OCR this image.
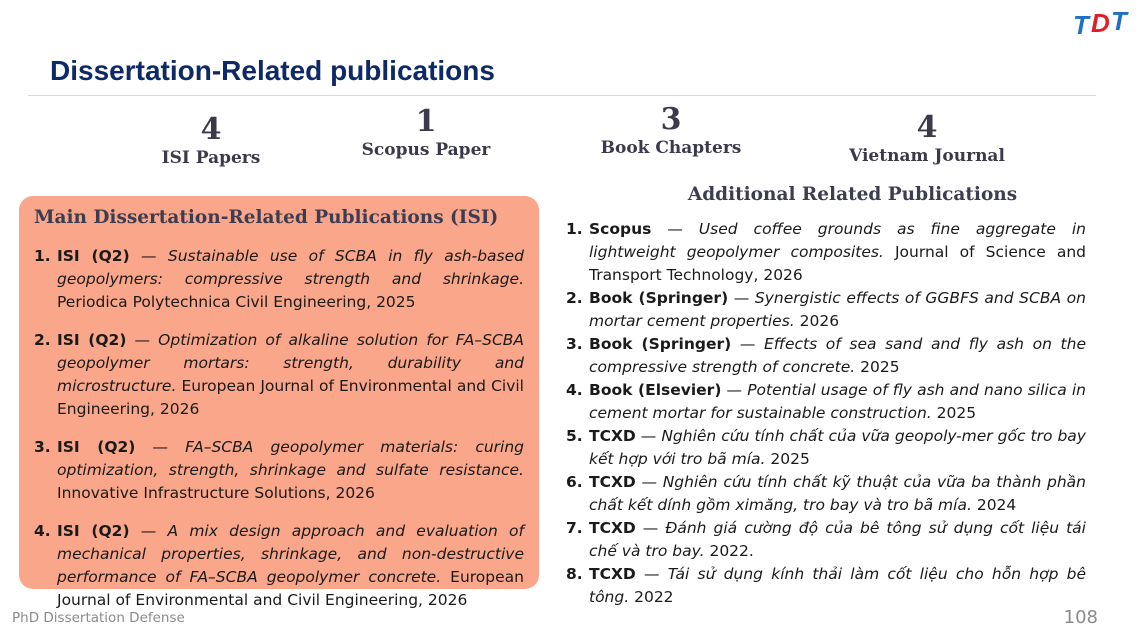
T D T
Dissertation-Related publications
4
ISI Papers
1
Scopus Paper
3
Book Chapters
4
Vietnam Journal
Main Dissertation-Related Publications (ISI)
1. ISI (Q2) — Sustainable use of SCBA in fly ash-based geopolymers: compressive strength and shrinkage. Periodica Polytechnica Civil Engineering, 2025
2. ISI (Q2) — Optimization of alkaline solution for FA–SCBA geopolymer mortars: strength, durability and microstructure. European Journal of Environmental and Civil Engineering, 2026
3. ISI (Q2) — FA–SCBA geopolymer materials: curing optimization, strength, shrinkage and sulfate resistance. Innovative Infrastructure Solutions, 2026
4. ISI (Q2) — A mix design approach and evaluation of mechanical properties, shrinkage, and non-destructive performance of FA–SCBA geopolymer concrete. European Journal of Environmental and Civil Engineering, 2026
Additional Related Publications
1. Scopus — Used coffee grounds as fine aggregate in lightweight geopolymer composites. Journal of Science and Transport Technology, 2026
2. Book (Springer) — Synergistic effects of GGBFS and SCBA on mortar cement properties. 2026
3. Book (Springer) — Effects of sea sand and fly ash on the compressive strength of concrete. 2025
4. Book (Elsevier) — Potential usage of fly ash and nano silica in cement mortar for sustainable construction. 2025
5. TCXD — Nghiên cứu tính chất của vữa geopoly-mer gốc tro bay kết hợp với tro bã mía. 2025
6. TCXD — Nghiên cứu tính chất kỹ thuật của vữa ba thành phần chất kết dính gồm ximăng, tro bay và tro bã mía. 2024
7. TCXD — Đánh giá cường độ của bê tông sử dụng cốt liệu tái chế và tro bay. 2022.
8. TCXD — Tái sử dụng kính thải làm cốt liệu cho hỗn hợp bê tông. 2022
PhD Dissertation Defense	108
